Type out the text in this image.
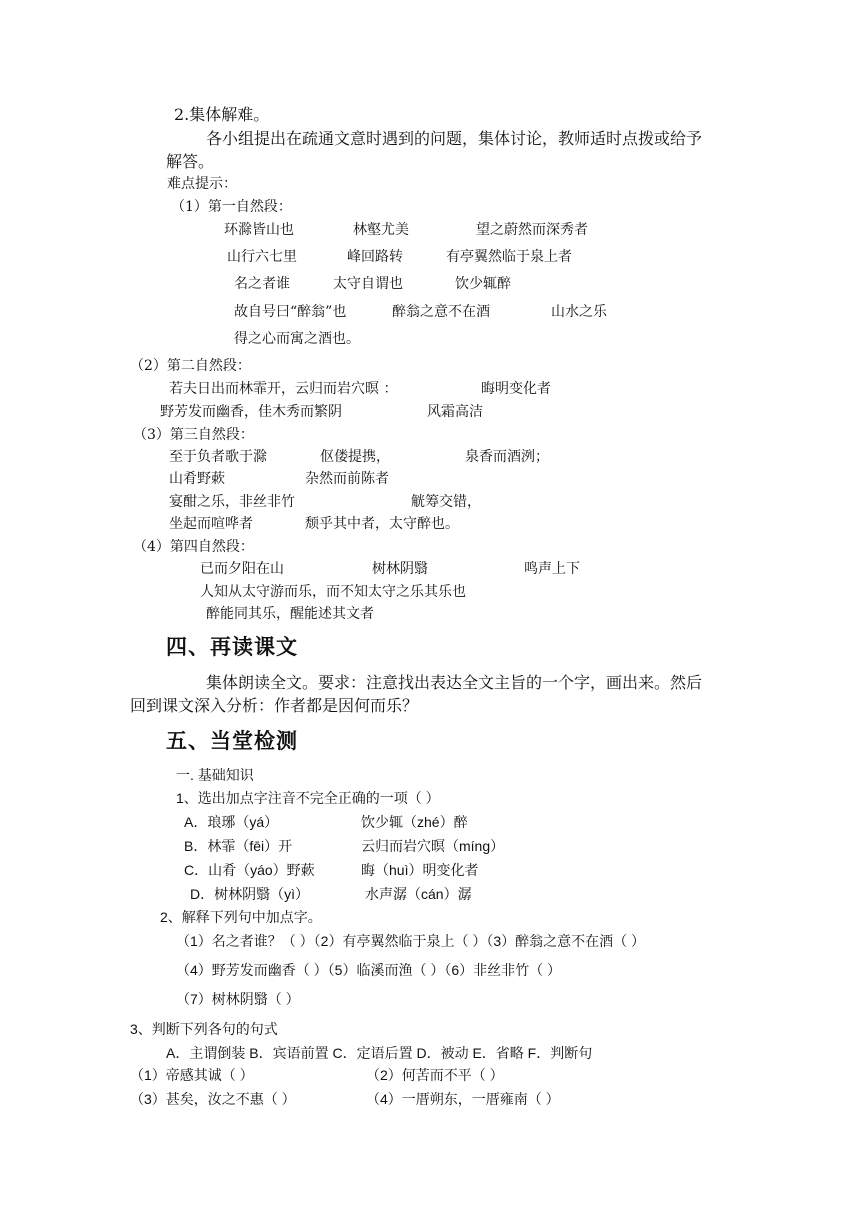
2.集体解难。
各小组提出在疏通文意时遇到的问题，集体讨论，教师适时点拨或给予
解答。
难点提示：
（1）第一自然段：
环滁皆山也	林壑尤美	望之蔚然而深秀者
山行六七里	峰回路转	有亭翼然临于泉上者
名之者谁	太守自谓也	饮少辄醉
故自号曰“醉翁”也	醉翁之意不在酒	山水之乐
得之心而寓之酒也。
（2）第二自然段：
若夫日出而林霏开，云归而岩穴暝 ：	晦明变化者
野芳发而幽香，佳木秀而繁阴	风霜高洁
（3）第三自然段：
至于负者歌于滁	伛偻提携，	泉香而酒洌；
山肴野蔌	杂然而前陈者
宴酣之乐，非丝非竹	觥筹交错，
坐起而喧哗者	颓乎其中者，太守醉也。
（4）第四自然段：
已而夕阳在山	树林阴翳	鸣声上下
人知从太守游而乐，而不知太守之乐其乐也
醉能同其乐，醒能述其文者
四、再读课文
集体朗读全文。要求：注意找出表达全文主旨的一个字，画出来。然后
回到课文深入分析：作者都是因何而乐？
五、当堂检测
一. 基础知识
1、选出加点字注音不完全正确的一项（ ）
A．琅琊（yá）	饮少辄（zhé）醉
B．林霏（fēi）开	云归而岩穴暝（míng）
C．山肴（yáo）野蔌	晦（huì）明变化者
D．树林阴翳（yì）	水声潺（cán）潺
2、解释下列句中加点字。
（1）名之者谁？（ ）（2）有亭翼然临于泉上（ ）（3）醉翁之意不在酒（ ）
（4）野芳发而幽香（ ）（5）临溪而渔（ ）（6）非丝非竹（ ）
（7）树林阴翳（ ）
3、判断下列各句的句式
A．主谓倒装 B．宾语前置 C．定语后置 D．被动 E．省略 F．判断句
（1）帝感其诚（ ）	（2）何苦而不平（ ）
（3）甚矣，汝之不惠（ ）	（4）一厝朔东，一厝雍南（ ）
